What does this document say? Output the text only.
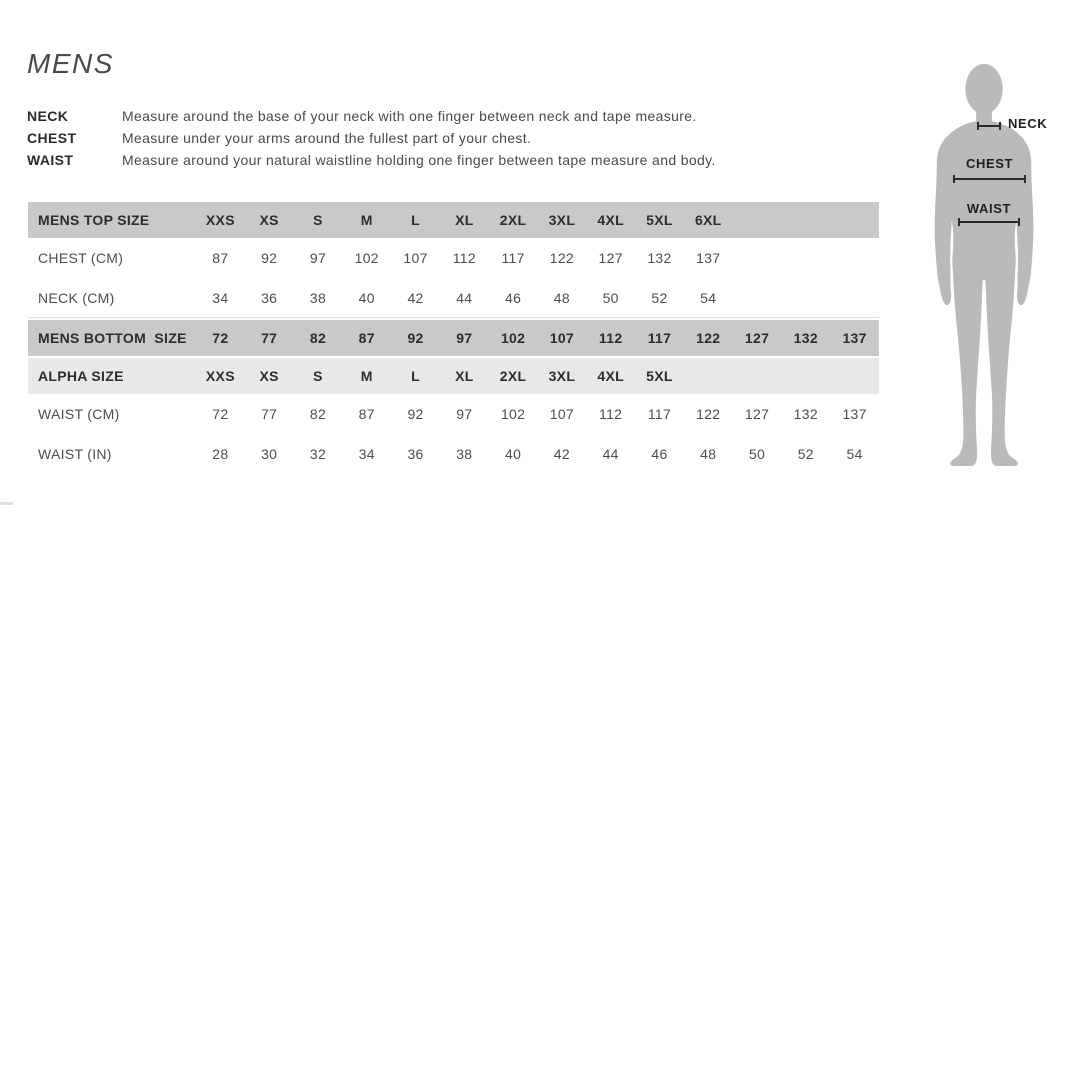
MENS
NECK	Measure around the base of your neck with one finger between neck and tape measure.
CHEST	Measure under your arms around the fullest part of your chest.
WAIST	Measure around your natural waistline holding one finger between tape measure and body.
MENS TOP SIZE	XXS	XS	S	M	L	XL	2XL	3XL	4XL	5XL	6XL
CHEST (CM)	87	92	97	102	107	112	117	122	127	132	137
NECK (CM)	34	36	38	40	42	44	46	48	50	52	54
MENS BOTTOM  SIZE	72	77	82	87	92	97	102	107	112	117	122	127	132	137
ALPHA SIZE	XXS	XS	S	M	L	XL	2XL	3XL	4XL	5XL
WAIST (CM)	72	77	82	87	92	97	102	107	112	117	122	127	132	137
WAIST (IN)	28	30	32	34	36	38	40	42	44	46	48	50	52	54
NECK
CHEST
WAIST
